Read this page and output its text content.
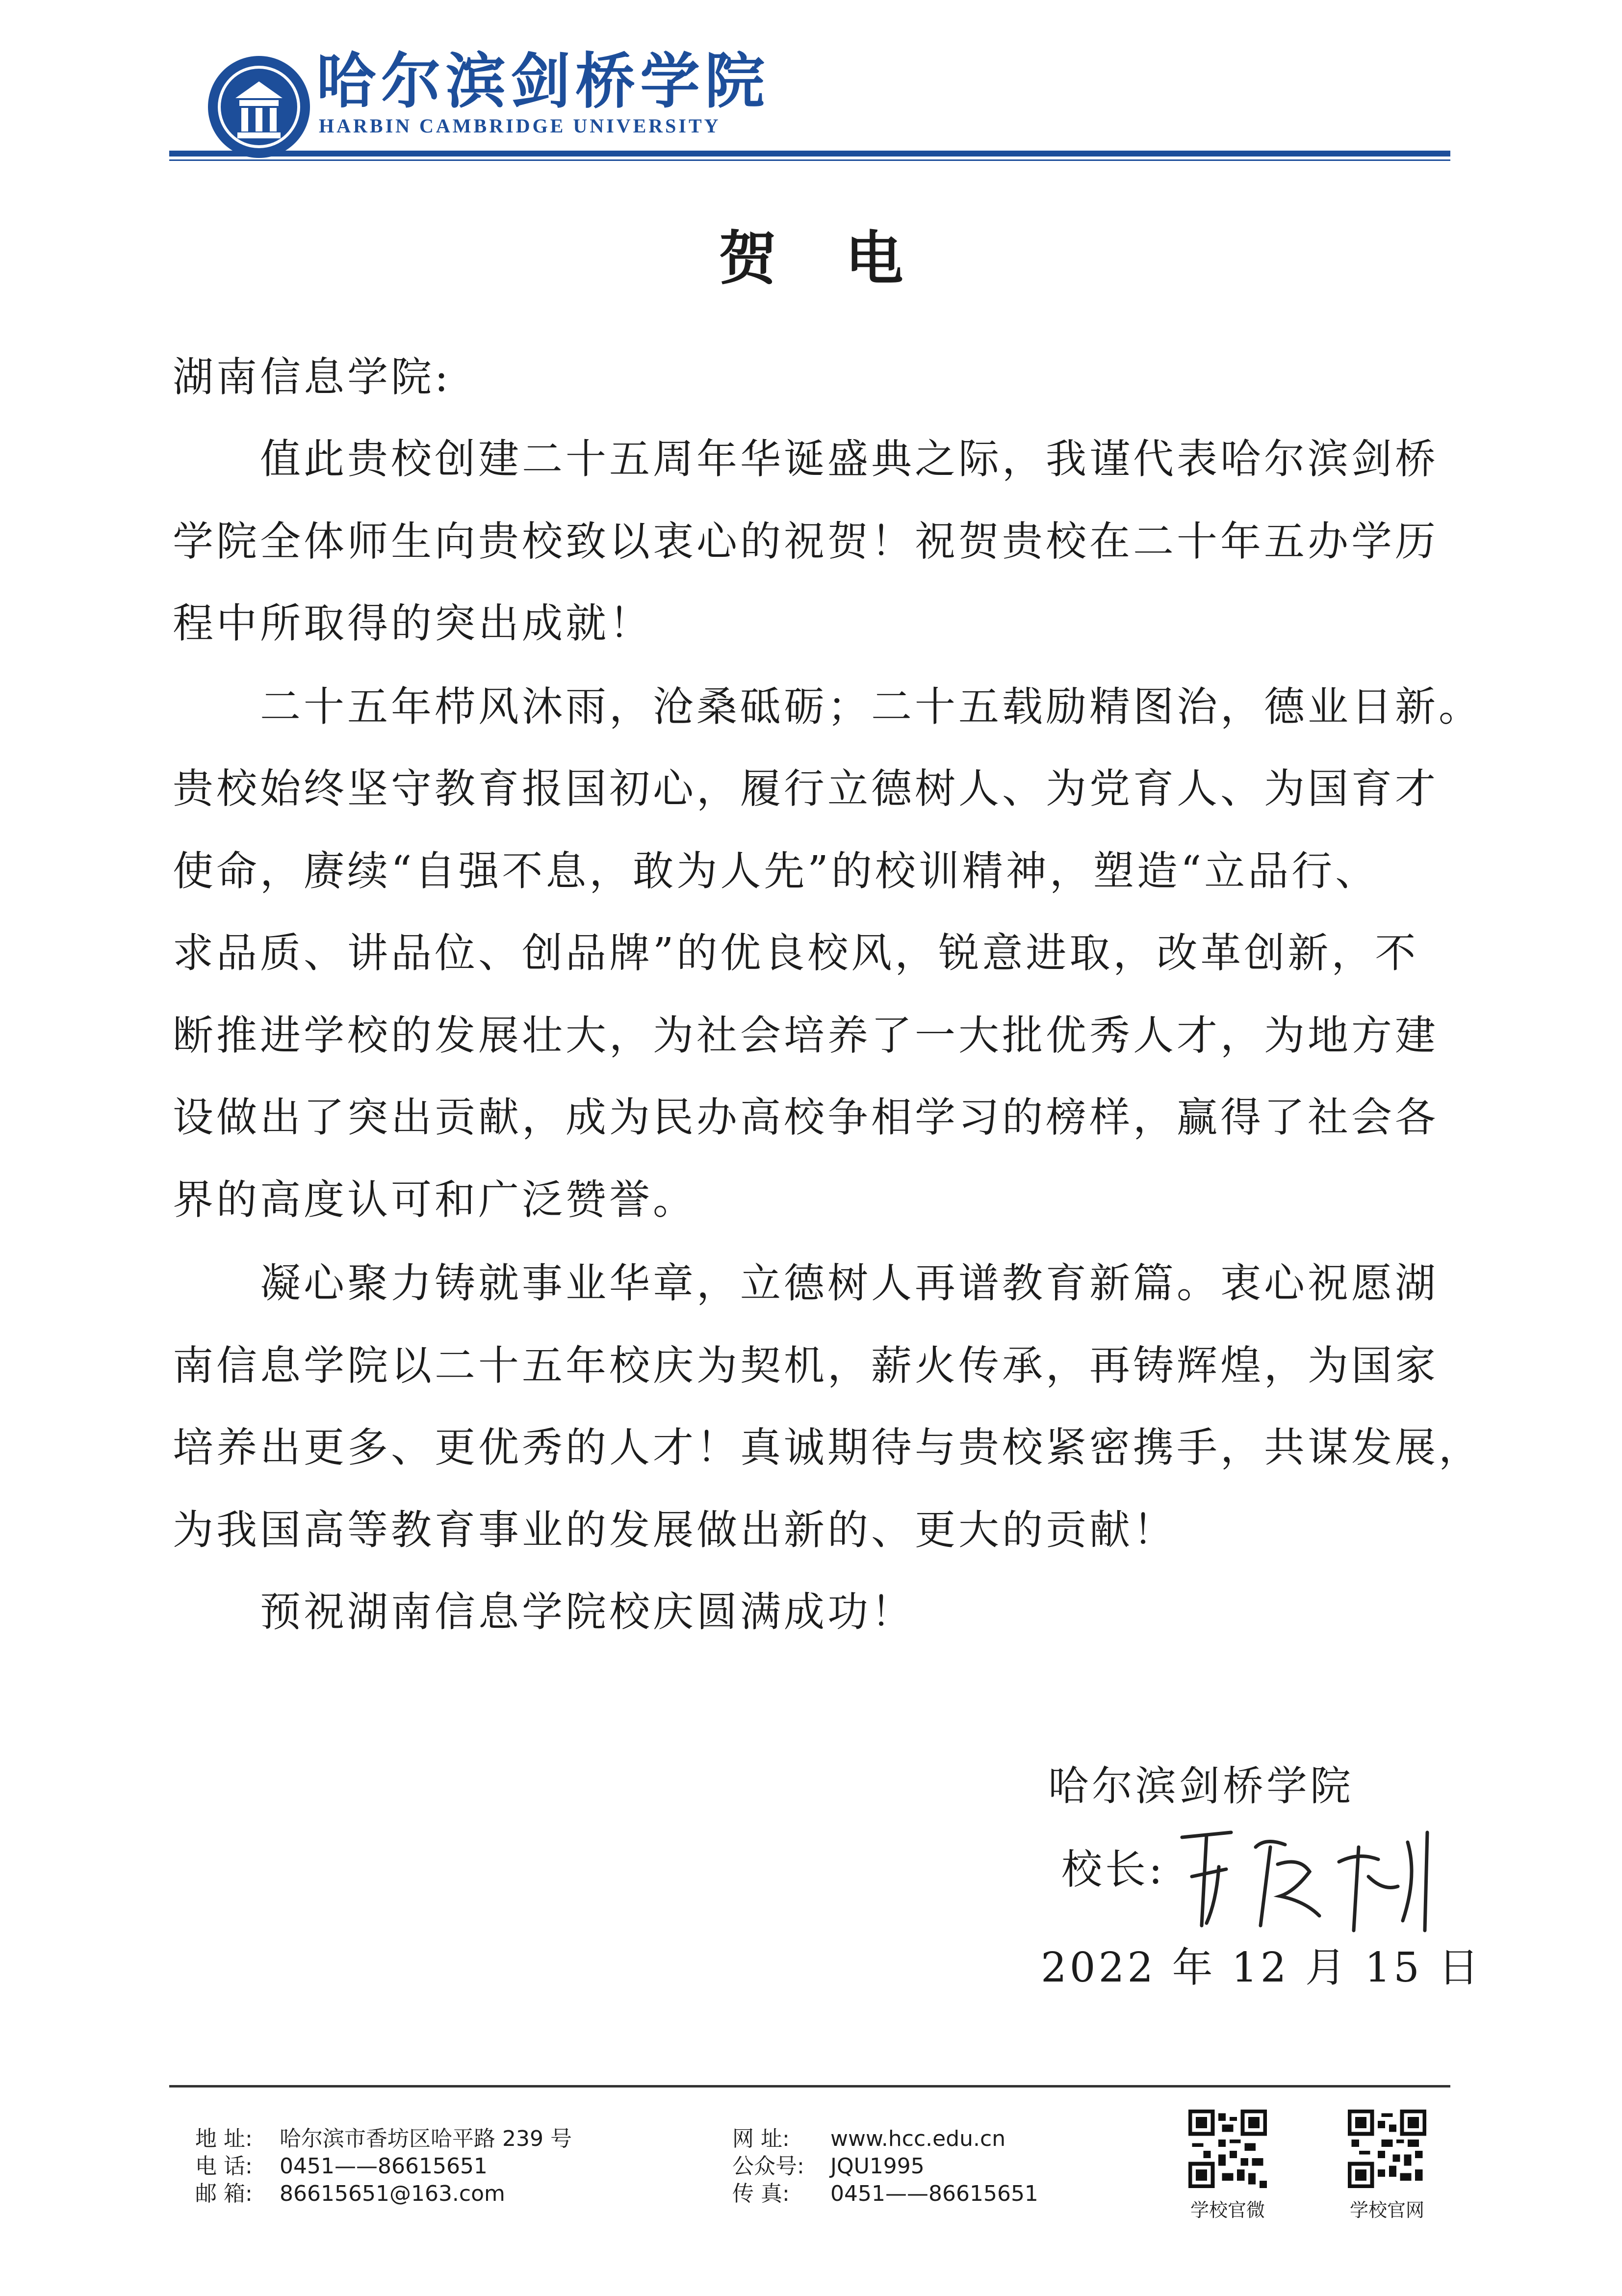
哈尔滨剑桥学院
HARBIN CAMBRIDGE UNIVERSITY
贺电
湖南信息学院:
值此贵校创建二十五周年华诞盛典之际，我谨代表哈尔滨剑桥
学院全体师生向贵校致以衷心的祝贺！祝贺贵校在二十年五办学历
程中所取得的突出成就！
二十五年栉风沐雨，沧桑砥砺；二十五载励精图治，德业日新。
贵校始终坚守教育报国初心，履行立德树人、为党育人、为国育才
使命，赓续“自强不息，敢为人先”的校训精神，塑造“立品行、
求品质、讲品位、创品牌”的优良校风，锐意进取，改革创新，不
断推进学校的发展壮大，为社会培养了一大批优秀人才，为地方建
设做出了突出贡献，成为民办高校争相学习的榜样，赢得了社会各
界的高度认可和广泛赞誉。
凝心聚力铸就事业华章，立德树人再谱教育新篇。衷心祝愿湖
南信息学院以二十五年校庆为契机，薪火传承，再铸辉煌，为国家
培养出更多、更优秀的人才！真诚期待与贵校紧密携手，共谋发展，
为我国高等教育事业的发展做出新的、更大的贡献！
预祝湖南信息学院校庆圆满成功！
哈尔滨剑桥学院
校长:
2022 年 12 月 15 日
地 址: 哈尔滨市香坊区哈平路 239 号
电 话: 0451——86615651
邮 箱: 86615651@163.com
网 址: www.hcc.edu.cn
公众号: JQU1995
传 真: 0451——86615651
学校官微	学校官网
